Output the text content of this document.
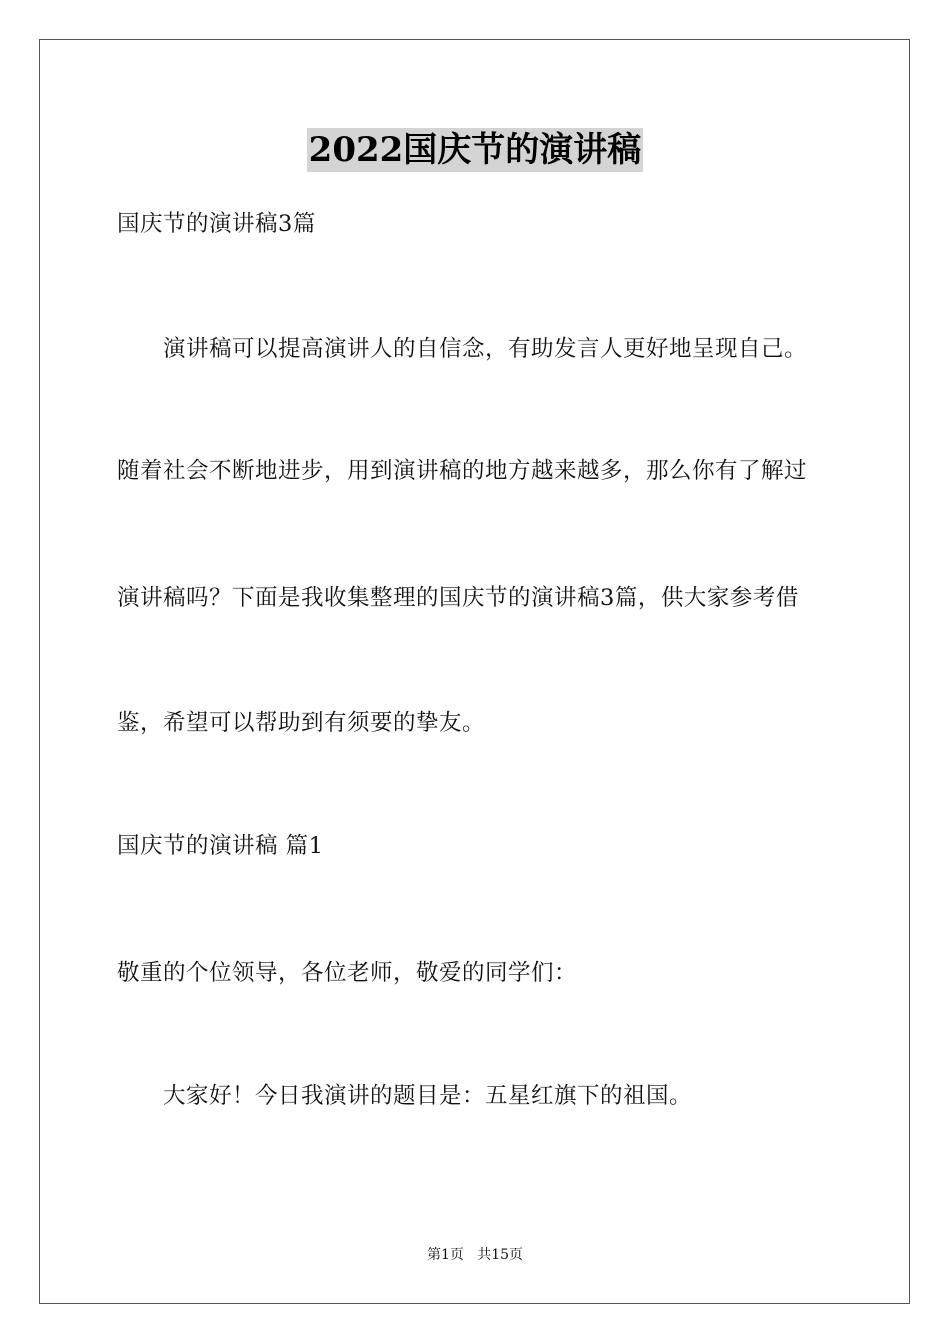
2022国庆节的演讲稿
国庆节的演讲稿3篇
演讲稿可以提高演讲人的自信念，有助发言人更好地呈现自己。
随着社会不断地进步，用到演讲稿的地方越来越多，那么你有了解过
演讲稿吗？下面是我收集整理的国庆节的演讲稿3篇，供大家参考借
鉴，希望可以帮助到有须要的挚友。
国庆节的演讲稿 篇1
敬重的个位领导，各位老师，敬爱的同学们：
大家好！今日我演讲的题目是：五星红旗下的祖国。
第1页   共15页
